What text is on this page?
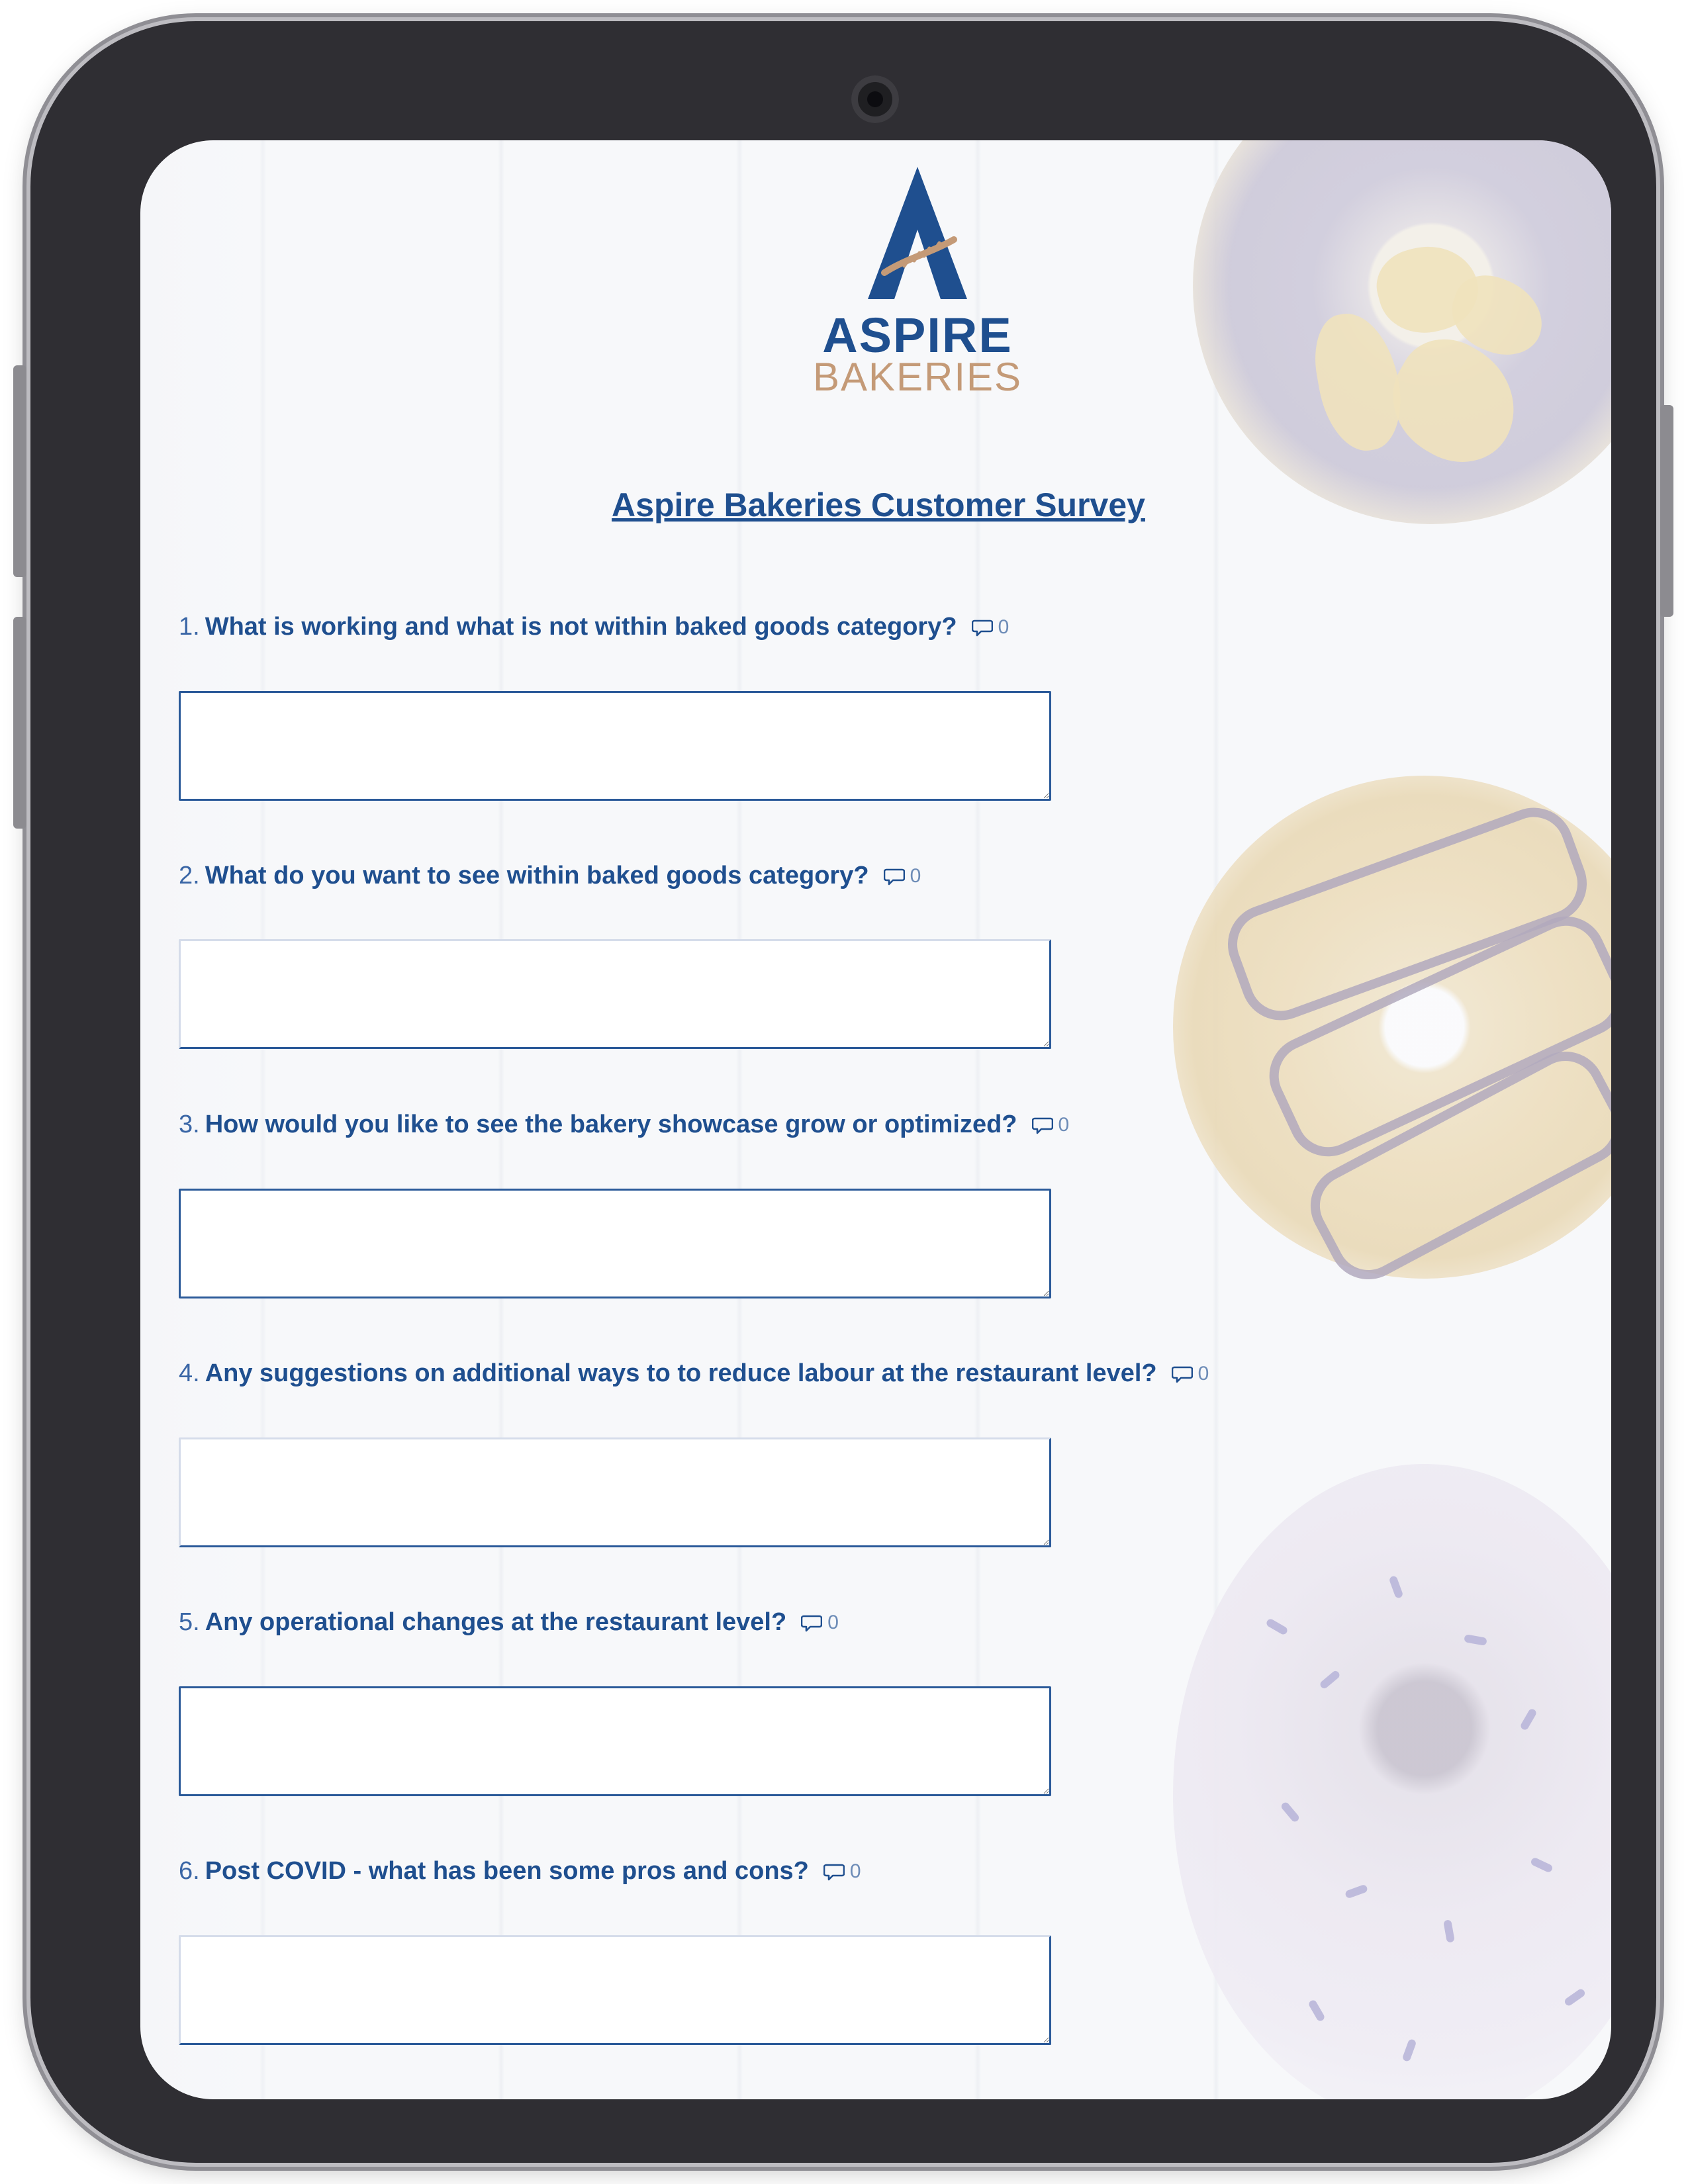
ASPIRE
BAKERIES
Aspire Bakeries Customer Survey
1. What is working and what is not within baked goods category? 0
2. What do you want to see within baked goods category? 0
3. How would you like to see the bakery showcase grow or optimized? 0
4. Any suggestions on additional ways to to reduce labour at the restaurant level? 0
5. Any operational changes at the restaurant level? 0
6. Post COVID - what has been some pros and cons? 0
